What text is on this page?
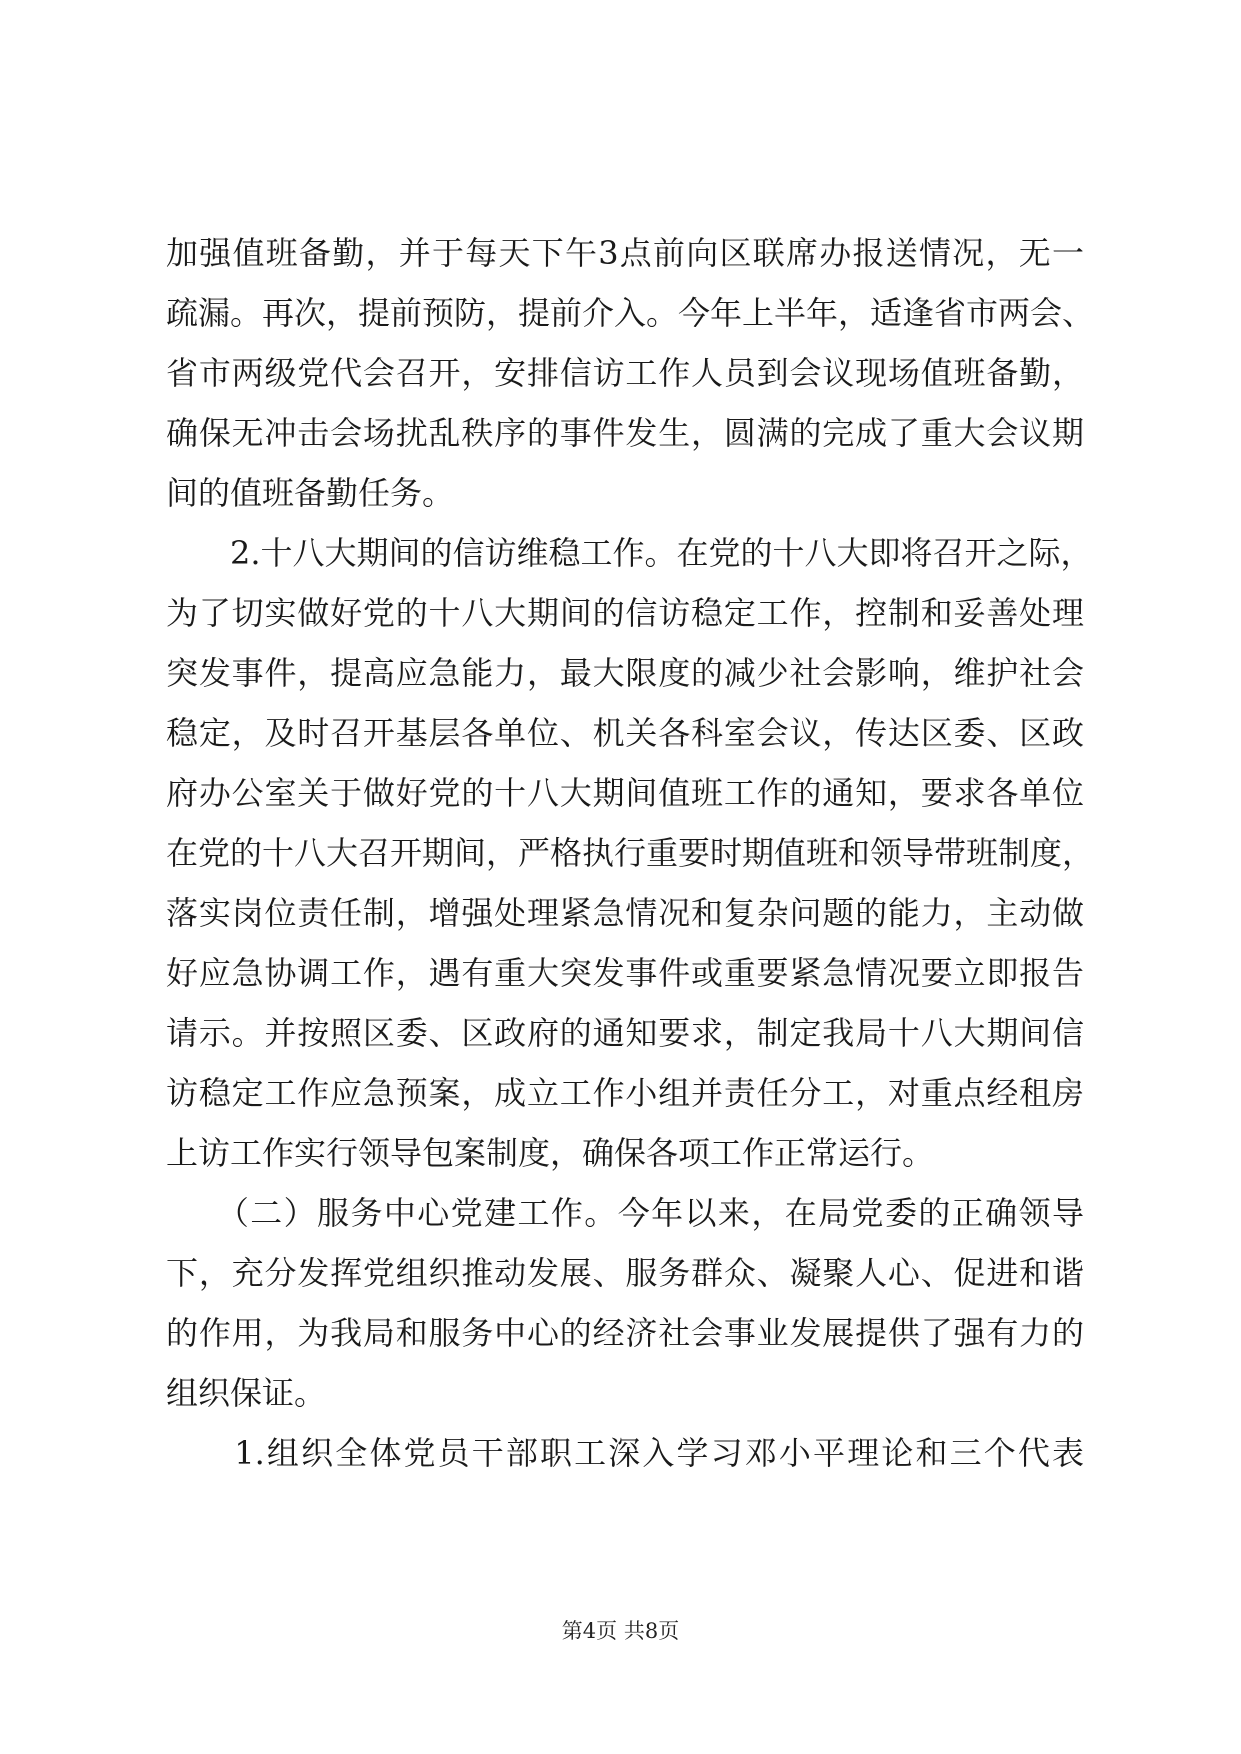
加强值班备勤，并于每天下午3点前向区联席办报送情况，无一
疏漏。再次，提前预防，提前介入。今年上半年，适逢省市两会、
省市两级党代会召开，安排信访工作人员到会议现场值班备勤，
确保无冲击会场扰乱秩序的事件发生，圆满的完成了重大会议期
间的值班备勤任务。
　　2.十八大期间的信访维稳工作。在党的十八大即将召开之际，
为了切实做好党的十八大期间的信访稳定工作，控制和妥善处理
突发事件，提高应急能力，最大限度的减少社会影响，维护社会
稳定，及时召开基层各单位、机关各科室会议，传达区委、区政
府办公室关于做好党的十八大期间值班工作的通知，要求各单位
在党的十八大召开期间，严格执行重要时期值班和领导带班制度，
落实岗位责任制，增强处理紧急情况和复杂问题的能力，主动做
好应急协调工作，遇有重大突发事件或重要紧急情况要立即报告
请示。并按照区委、区政府的通知要求，制定我局十八大期间信
访稳定工作应急预案，成立工作小组并责任分工，对重点经租房
上访工作实行领导包案制度，确保各项工作正常运行。
　　（二）服务中心党建工作。今年以来，在局党委的正确领导
下，充分发挥党组织推动发展、服务群众、凝聚人心、促进和谐
的作用，为我局和服务中心的经济社会事业发展提供了强有力的
组织保证。
　　1.组织全体党员干部职工深入学习邓小平理论和三个代表
第4页 共8页
